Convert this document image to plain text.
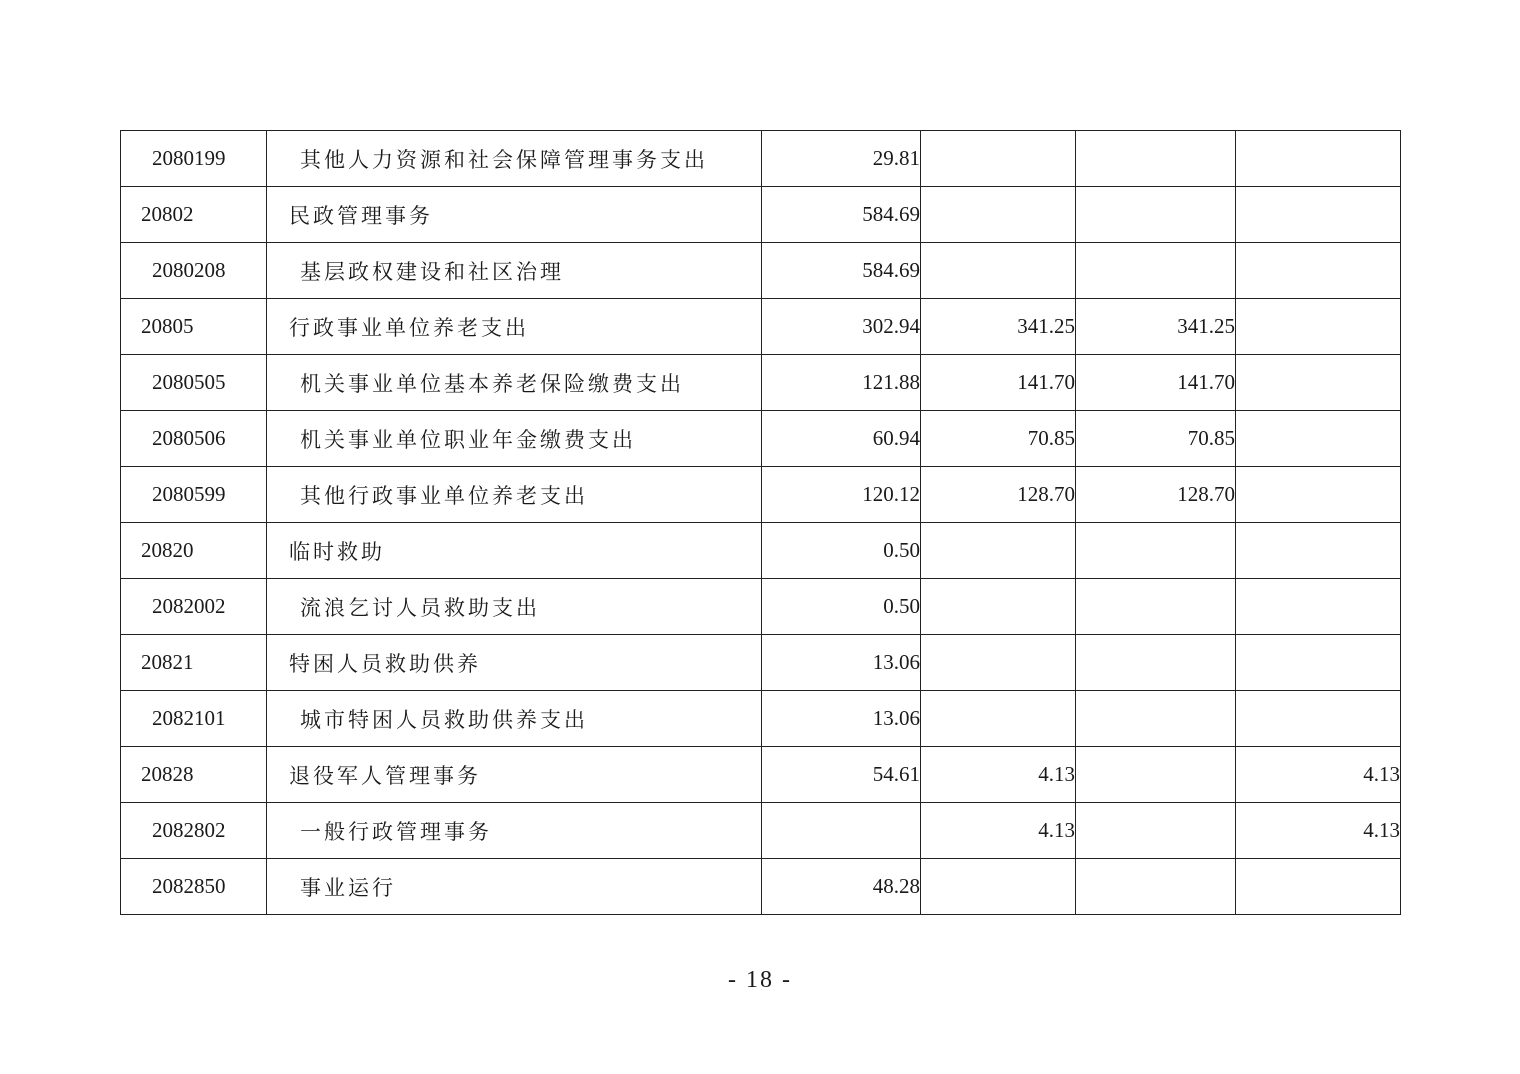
2080199	其他人力资源和社会保障管理事务支出	29.81			
20802	民政管理事务	584.69			
2080208	基层政权建设和社区治理	584.69			
20805	行政事业单位养老支出	302.94	341.25	341.25	
2080505	机关事业单位基本养老保险缴费支出	121.88	141.70	141.70	
2080506	机关事业单位职业年金缴费支出	60.94	70.85	70.85	
2080599	其他行政事业单位养老支出	120.12	128.70	128.70	
20820	临时救助	0.50			
2082002	流浪乞讨人员救助支出	0.50			
20821	特困人员救助供养	13.06			
2082101	城市特困人员救助供养支出	13.06			
20828	退役军人管理事务	54.61	4.13		4.13
2082802	一般行政管理事务		4.13		4.13
2082850	事业运行	48.28			
- 18 -
